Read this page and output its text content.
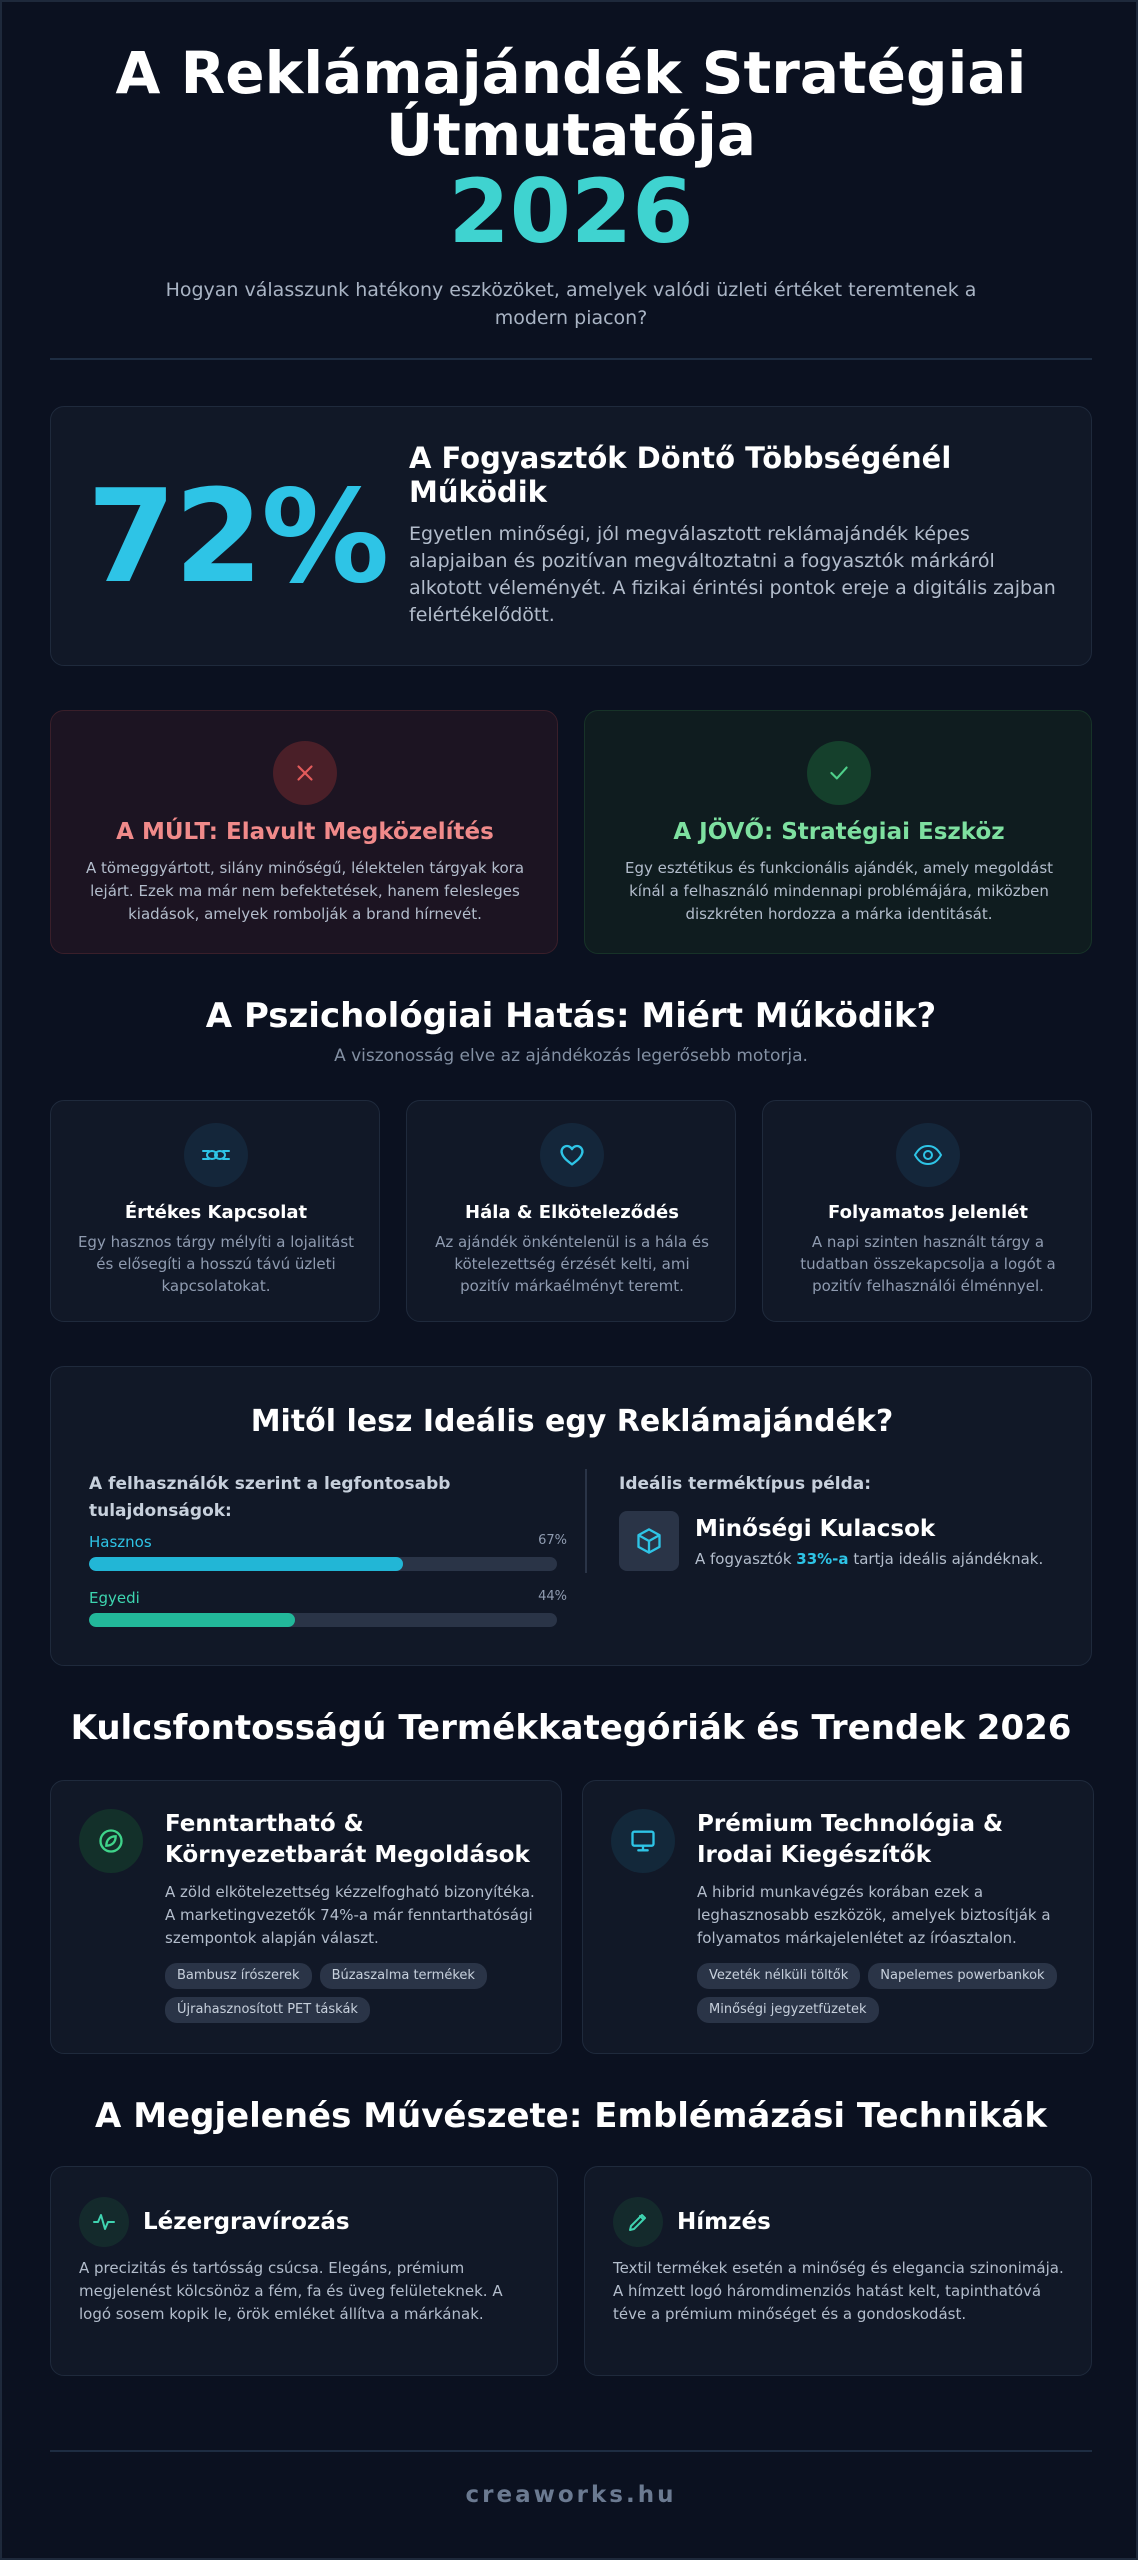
A Reklámajándék Stratégiai Útmutatója
2026

Hogyan válasszunk hatékony eszközöket, amelyek valódi üzleti értéket teremtenek a modern piacon?

72%
A Fogyasztók Döntő Többségénél Működik

Egyetlen minőségi, jól megválasztott reklámajándék képes alapjaiban és pozitívan megváltoztatni a fogyasztók márkáról alkotott véleményét. A fizikai érintési pontok ereje a digitális zajban felértékelődött.

A MÚLT: Elavult Megközelítés

A tömeggyártott, silány minőségű, lélektelen tárgyak kora lejárt. Ezek ma már nem befektetések, hanem felesleges kiadások, amelyek rombolják a brand hírnevét.

A JÖVŐ: Stratégiai Eszköz

Egy esztétikus és funkcionális ajándék, amely megoldást kínál a felhasználó mindennapi problémájára, miközben diszkréten hordozza a márka identitását.

A Pszichológiai Hatás: Miért Működik?

A viszonosság elve az ajándékozás legerősebb motorja.

Értékes Kapcsolat

Egy hasznos tárgy mélyíti a lojalitást és elősegíti a hosszú távú üzleti kapcsolatokat.

Hála & Elköteleződés

Az ajándék önkéntelenül is a hála és kötelezettség érzését kelti, ami pozitív márkaélményt teremt.

Folyamatos Jelenlét

A napi szinten használt tárgy a tudatban összekapcsolja a logót a pozitív felhasználói élménnyel.

Mitől lesz Ideális egy Reklámajándék?
A felhasználók szerint a legfontosabb tulajdonságok:
Hasznos	67%
Egyedi	44%
Ideális terméktípus példa:
Minőségi Kulacsok
A fogyasztók 33%-a tartja ideális ajándéknak.
Kulcsfontosságú Termékkategóriák és Trendek 2026
Fenntartható & Környezetbarát Megoldások

A zöld elkötelezettség kézzelfogható bizonyítéka. A marketingvezetők 74%-a már fenntarthatósági szempontok alapján választ.

Bambusz írószerek	Búzaszalma termékek
Újrahasznosított PET táskák
Prémium Technológia & Irodai Kiegészítők

A hibrid munkavégzés korában ezek a leghasznosabb eszközök, amelyek biztosítják a folyamatos márkajelenlétet az íróasztalon.

Vezeték nélküli töltők	Napelemes powerbankok
Minőségi jegyzetfüzetek
A Megjelenés Művészete: Emblémázási Technikák
Lézergravírozás

A precizitás és tartósság csúcsa. Elegáns, prémium megjelenést kölcsönöz a fém, fa és üveg felületeknek. A logó sosem kopik le, örök emléket állítva a márkának.

Hímzés

Textil termékek esetén a minőség és elegancia szinonimája. A hímzett logó háromdimenziós hatást kelt, tapinthatóvá téve a prémium minőséget és a gondoskodást.

creaworks.hu
